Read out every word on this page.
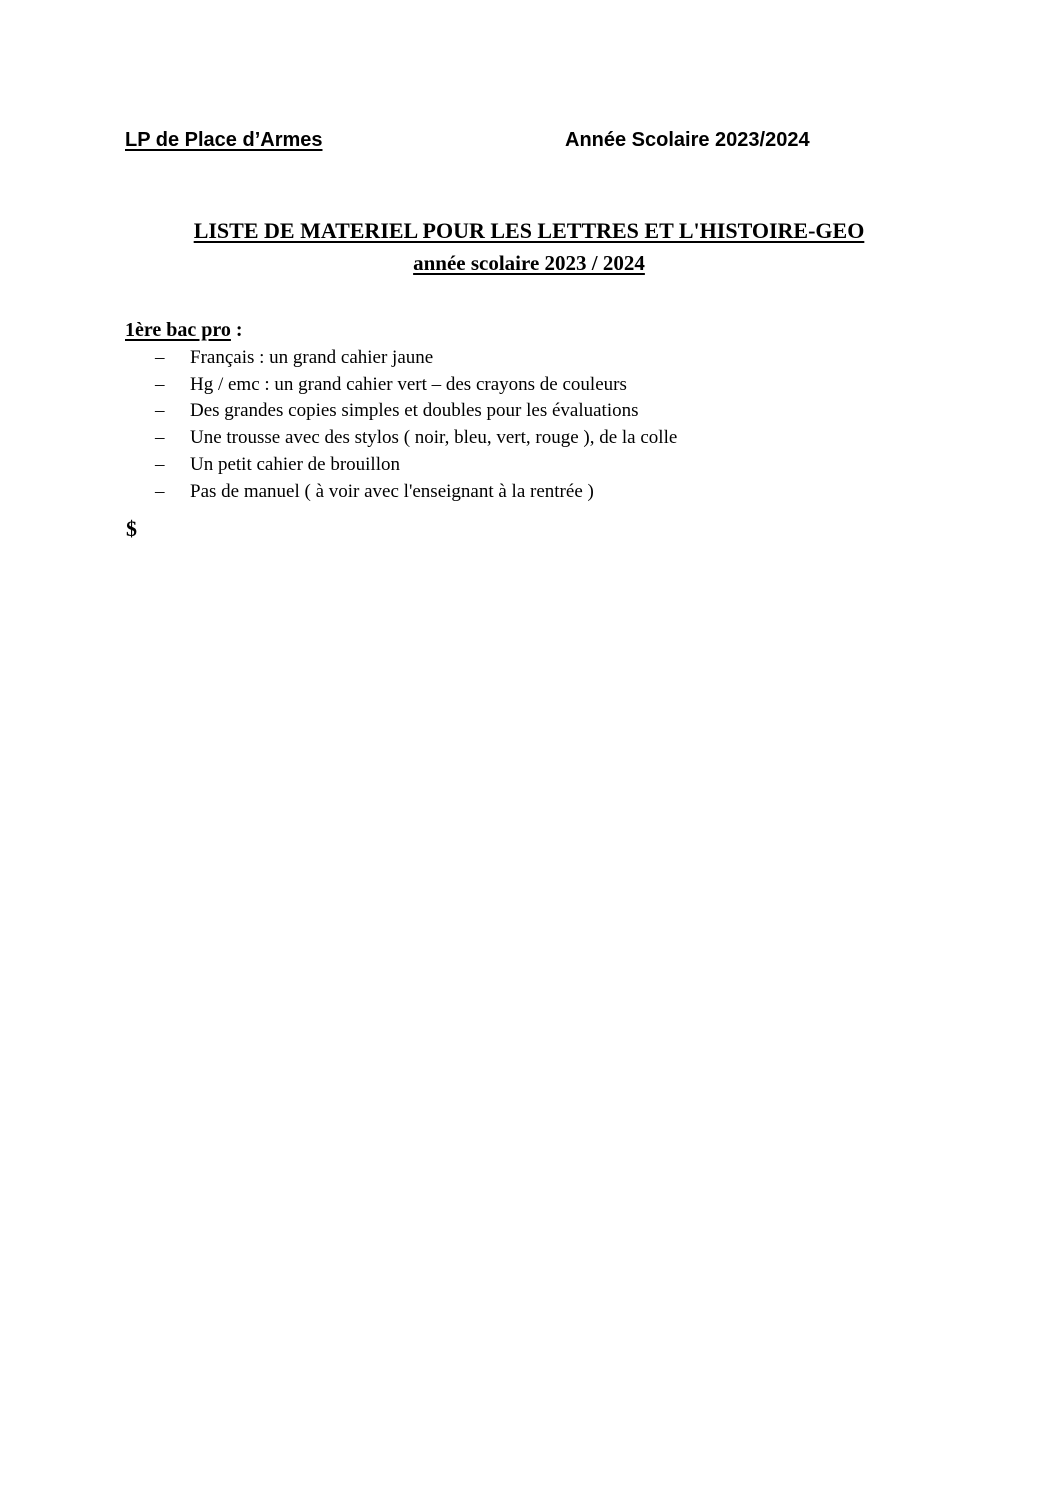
LP de Place d’Armes	Année Scolaire 2023/2024
LISTE DE MATERIEL POUR LES LETTRES ET L'HISTOIRE-GEO
année scolaire 2023 / 2024
1ère bac pro :
–	Français : un grand cahier jaune
–	Hg / emc : un grand cahier vert – des crayons de couleurs
–	Des grandes copies simples et doubles pour les évaluations
–	Une trousse avec des stylos ( noir, bleu, vert, rouge ), de la colle
–	Un petit cahier de brouillon
–	Pas de manuel ( à voir avec l'enseignant à la rentrée )
$
